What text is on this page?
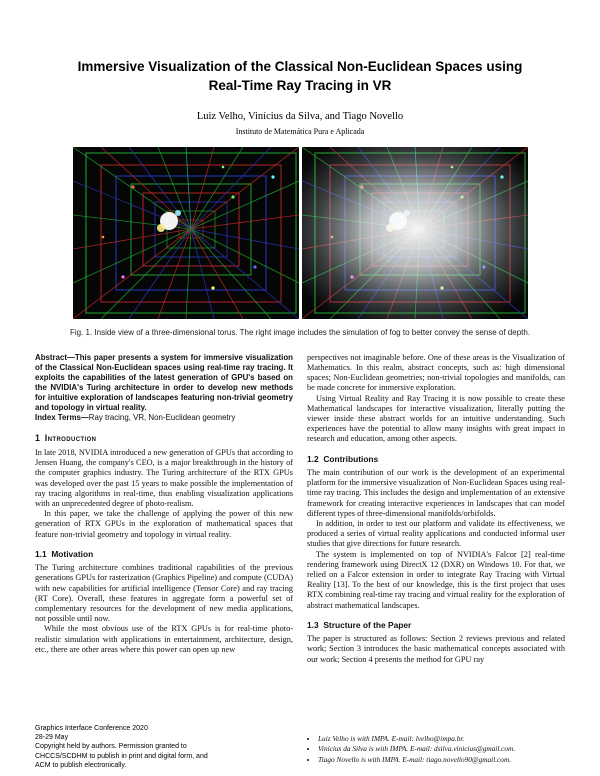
Immersive Visualization of the Classical Non-Euclidean Spaces using
Real-Time Ray Tracing in VR
Luiz Velho, Vinícius da Silva, and Tiago Novello
Instituto de Matemática Pura e Aplicada
Fig. 1. Inside view of a three-dimensional torus. The right image includes the simulation of fog to better convey the sense of depth.

Abstract—This paper presents a system for immersive visualization of the Classical Non-Euclidean spaces using real-time ray tracing. It exploits the capabilities of the latest generation of GPU's based on the NVIDIA's Turing architecture in order to develop new methods for intuitive exploration of landscapes featuring non-trivial geometry and topology in virtual reality.

Index Terms—Ray tracing, VR, Non-Euclidean geometry

1 Introduction

In late 2018, NVIDIA introduced a new generation of GPUs that according to Jensen Huang, the company's CEO, is a major breakthrough in the history of the computer graphics industry. The Turing architecture of the RTX GPUs was developed over the past 15 years to make possible the implementation of ray tracing algorithms in real-time, thus enabling visualization applications with an unprecedented degree of photo-realism.

In this paper, we take the challenge of applying the power of this new generation of RTX GPUs in the exploration of mathematical spaces that feature non-trivial geometry and topology in virtual reality.

1.1 Motivation

The Turing architecture combines traditional capabilities of the previous generations GPUs for rasterization (Graphics Pipeline) and compute (CUDA) with new capabilities for artificial intelligence (Tensor Core) and ray tracing (RT Core). Overall, these features in aggregate form a powerful set of complementary resources for the development of new media applications, not possible until now.

While the most obvious use of the RTX GPUs is for real-time photo-realistic simulation with applications in entertainment, architecture, design, etc., there are other areas where this power can open up new

Graphics Interface Conference 2020
28-29 May
Copyright held by authors. Permission granted to
CHCCS/SCDHM to publish in print and digital form, and
ACM to publish electronically.

perspectives not imaginable before. One of these areas is the Visualization of Mathematics. In this realm, abstract concepts, such as: high dimensional spaces; Non-Euclidean geometries; non-trivial topologies and manifolds, can be made concrete for immersive exploration.

Using Virtual Reality and Ray Tracing it is now possible to create these Mathematical landscapes for interactive visualization, literally putting the viewer inside these abstract worlds for an intuitive understanding. Such experiences have the potential to allow many insights with great impact in research and education, among other aspects.

1.2 Contributions

The main contribution of our work is the development of an experimental platform for the immersive visualization of Non-Euclidean Spaces using real-time ray tracing. This includes the design and implementation of an extensive framework for creating interactive experiences in landscapes that can model different types of three-dimensional manifolds/orbifolds.

In addition, in order to test our platform and validate its effectiveness, we produced a series of virtual reality applications and conducted informal user studies that give directions for future research.

The system is implemented on top of NVIDIA's Falcor [2] real-time rendering framework using DirectX 12 (DXR) on Windows 10. For that, we relied on a Falcor extension in order to integrate Ray Tracing with Virtual Reality [13]. To the best of our knowledge, this is the first project that uses RTX combining real-time ray tracing and virtual reality for the exploration of abstract mathematical landscapes.

1.3 Structure of the Paper

The paper is structured as follows: Section 2 reviews previous and related work; Section 3 introduces the basic mathematical concepts associated with our work; Section 4 presents the method for GPU ray

• Luiz Velho is with IMPA. E-mail: lvelho@impa.br.
• Vinícius da Silva is with IMPA. E-mail: dsilva.vinicius@gmail.com.
• Tiago Novello is with IMPA. E-mail: tiago.novello90@gmail.com.
